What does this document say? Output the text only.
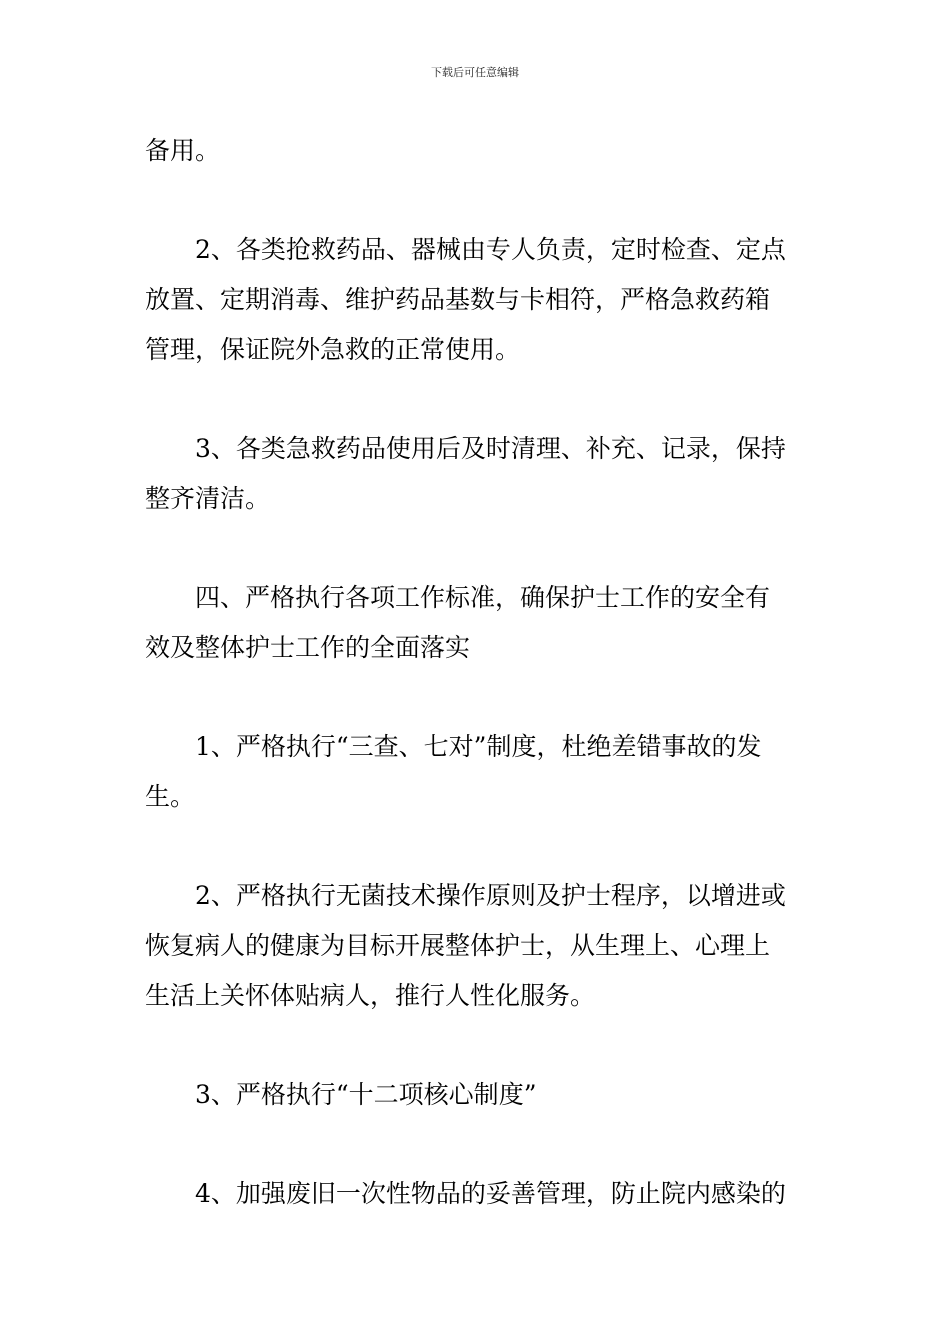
下载后可任意编辑

备用。

2、各类抢救药品、器械由专人负责，定时检查、定点
放置、定期消毒、维护药品基数与卡相符，严格急救药箱
管理，保证院外急救的正常使用。

3、各类急救药品使用后及时清理、补充、记录，保持
整齐清洁。

四、严格执行各项工作标准，确保护士工作的安全有
效及整体护士工作的全面落实

1、严格执行“三查、七对”制度，杜绝差错事故的发
生。

2、严格执行无菌技术操作原则及护士程序，以增进或
恢复病人的健康为目标开展整体护士，从生理上、心理上
生活上关怀体贴病人，推行人性化服务。

3、严格执行“十二项核心制度”

4、加强废旧一次性物品的妥善管理，防止院内感染的
